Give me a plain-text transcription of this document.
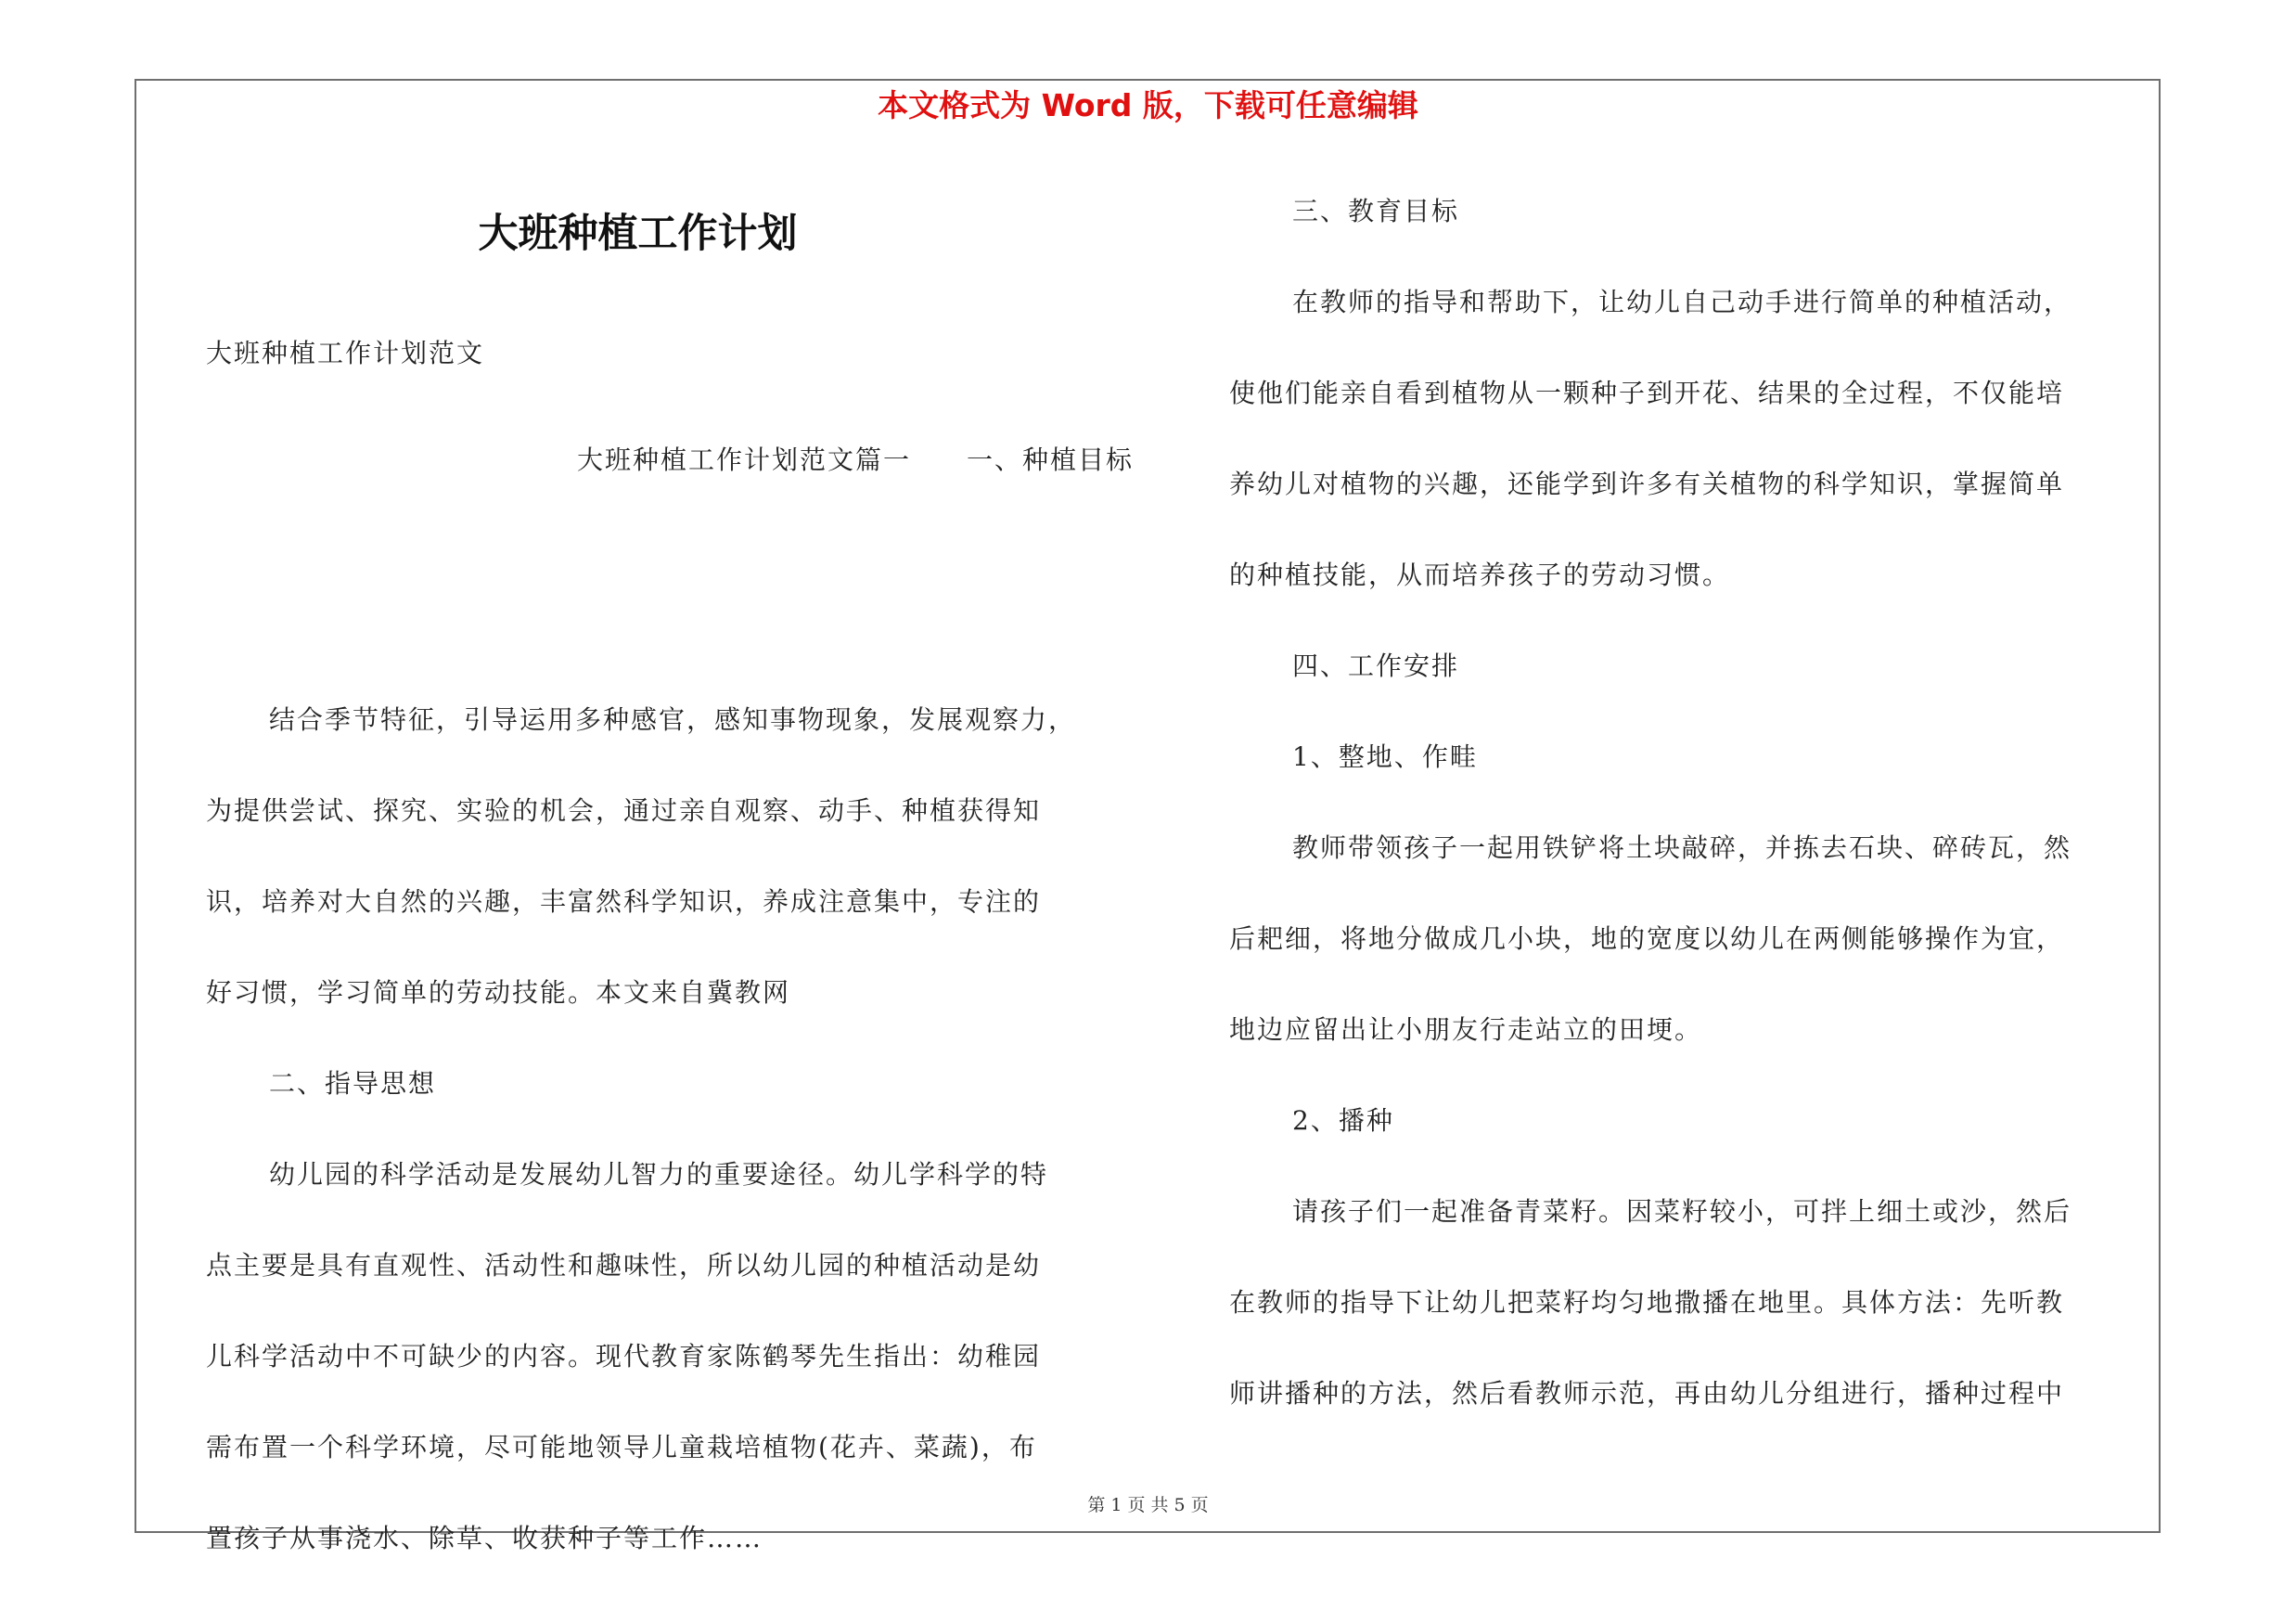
本文格式为 Word 版，下载可任意编辑
大班种植工作计划

大班种植工作计划范文

大班种植工作计划范文篇一　　一、种植目标

结合季节特征，引导运用多种感官，感知事物现象，发展观察力，

为提供尝试、探究、实验的机会，通过亲自观察、动手、种植获得知

识，培养对大自然的兴趣，丰富然科学知识，养成注意集中，专注的

好习惯，学习简单的劳动技能。本文来自冀教网

二、指导思想

幼儿园的科学活动是发展幼儿智力的重要途径。幼儿学科学的特

点主要是具有直观性、活动性和趣味性，所以幼儿园的种植活动是幼

儿科学活动中不可缺少的内容。现代教育家陈鹤琴先生指出：幼稚园

需布置一个科学环境，尽可能地领导儿童栽培植物(花卉、菜蔬)，布

置孩子从事浇水、除草、收获种子等工作……

三、教育目标

在教师的指导和帮助下，让幼儿自己动手进行简单的种植活动，

使他们能亲自看到植物从一颗种子到开花、结果的全过程，不仅能培

养幼儿对植物的兴趣，还能学到许多有关植物的科学知识，掌握简单

的种植技能，从而培养孩子的劳动习惯。

四、工作安排

1、整地、作畦

教师带领孩子一起用铁铲将土块敲碎，并拣去石块、碎砖瓦，然

后耙细，将地分做成几小块，地的宽度以幼儿在两侧能够操作为宜，

地边应留出让小朋友行走站立的田埂。

2、播种

请孩子们一起准备青菜籽。因菜籽较小，可拌上细土或沙，然后

在教师的指导下让幼儿把菜籽均匀地撒播在地里。具体方法：先听教

师讲播种的方法，然后看教师示范，再由幼儿分组进行，播种过程中

第 1 页 共 5 页
